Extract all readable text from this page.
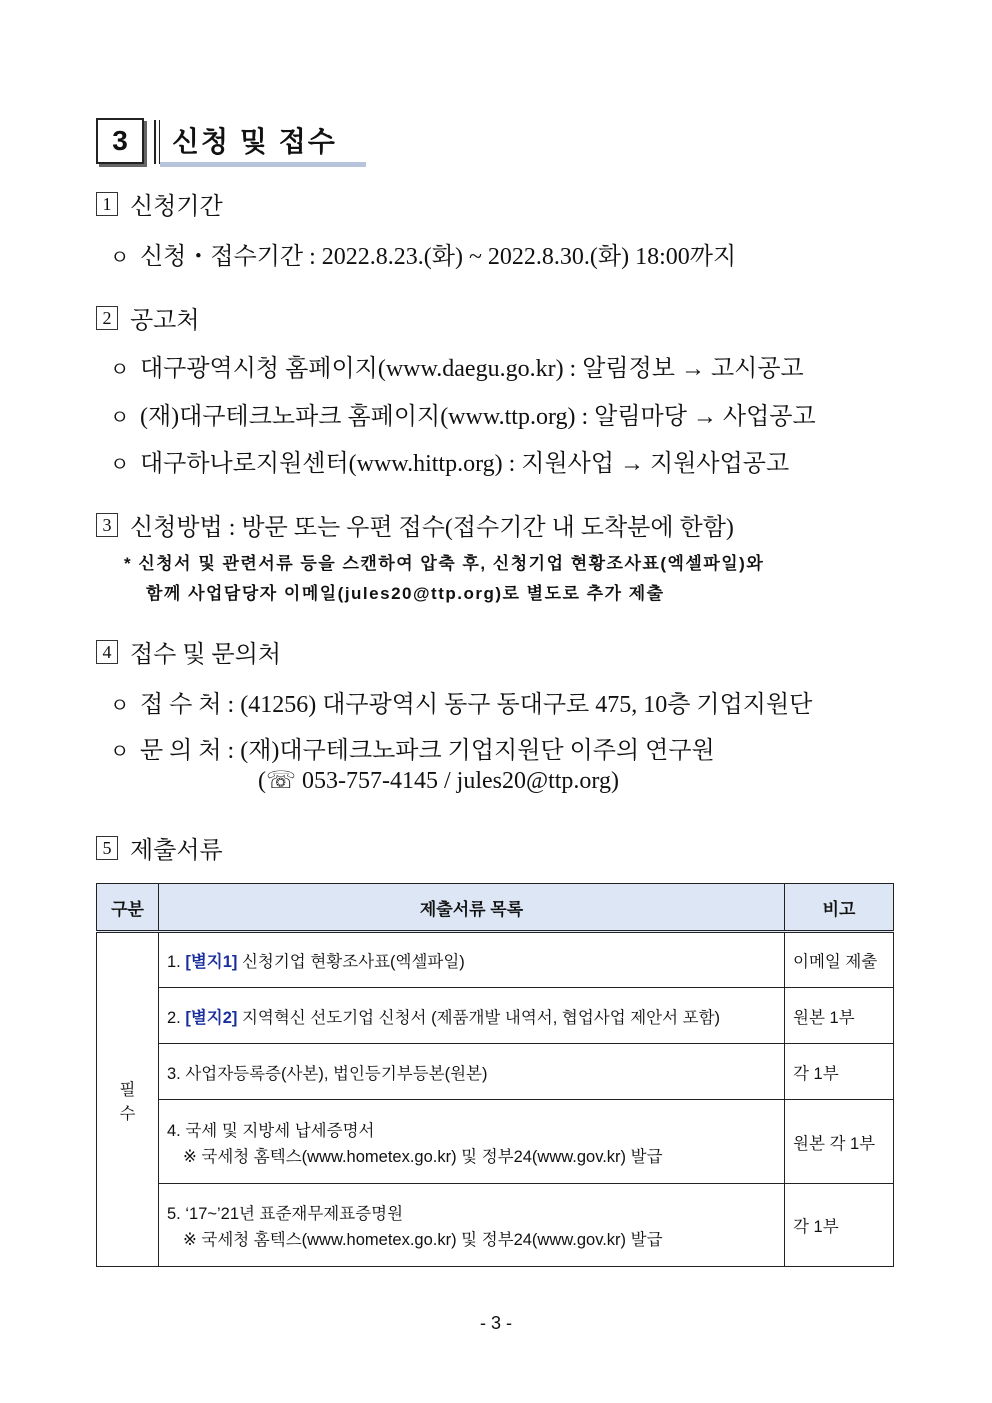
3	신청 및 접수
1 신청기간
ㅇ 신청・접수기간 : 2022.8.23.(화) ~ 2022.8.30.(화) 18:00까지
2 공고처
ㅇ 대구광역시청 홈페이지(www.daegu.go.kr) : 알림정보 → 고시공고
ㅇ (재)대구테크노파크 홈페이지(www.ttp.org) : 알림마당 → 사업공고
ㅇ 대구하나로지원센터(www.hittp.org) : 지원사업 → 지원사업공고
3 신청방법 : 방문 또는 우편 접수(접수기간 내 도착분에 한함)
* 신청서 및 관련서류 등을 스캔하여 압축 후, 신청기업 현황조사표(엑셀파일)와
함께 사업담당자 이메일(jules20@ttp.org)로 별도로 추가 제출
4 접수 및 문의처
ㅇ 접 수 처 : (41256) 대구광역시 동구 동대구로 475, 10층 기업지원단
ㅇ 문 의 처 : (재)대구테크노파크 기업지원단 이주의 연구원
(☏ 053-757-4145 / jules20@ttp.org)
5 제출서류
구분	제출서류 목록	비고
필수	1. [별지1] 신청기업 현황조사표(엑셀파일)	이메일 제출
	2. [별지2] 지역혁신 선도기업 신청서 (제품개발 내역서, 협업사업 제안서 포함)	원본 1부
	3. 사업자등록증(사본), 법인등기부등본(원본)	각 1부
	4. 국세 및 지방세 납세증명서
※ 국세청 홈텍스(www.hometex.go.kr) 및 정부24(www.gov.kr) 발급	원본 각 1부
	5. ‘17~’21년 표준재무제표증명원
※ 국세청 홈텍스(www.hometex.go.kr) 및 정부24(www.gov.kr) 발급	각 1부
- 3 -
